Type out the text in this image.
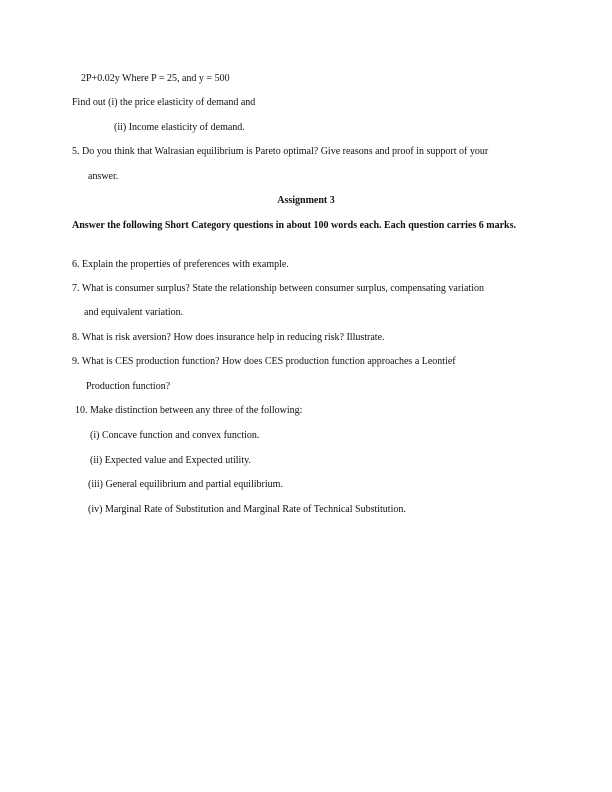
2P+0.02y Where P = 25, and y = 500
Find out (i) the price elasticity of demand and
(ii) Income elasticity of demand.
5. Do you think that Walrasian equilibrium is Pareto optimal? Give reasons and proof in support of your
answer.
Assignment 3
Answer the following Short Category questions in about 100 words each. Each question carries 6 marks.
6. Explain the properties of preferences with example.
7. What is consumer surplus? State the relationship between consumer surplus, compensating variation
and equivalent variation.
8. What is risk aversion? How does insurance help in reducing risk? Illustrate.
9. What is CES production function? How does CES production function approaches a Leontief
Production function?
10. Make distinction between any three of the following:
(i) Concave function and convex function.
(ii) Expected value and Expected utility.
(iii) General equilibrium and partial equilibrium.
(iv) Marginal Rate of Substitution and Marginal Rate of Technical Substitution.
